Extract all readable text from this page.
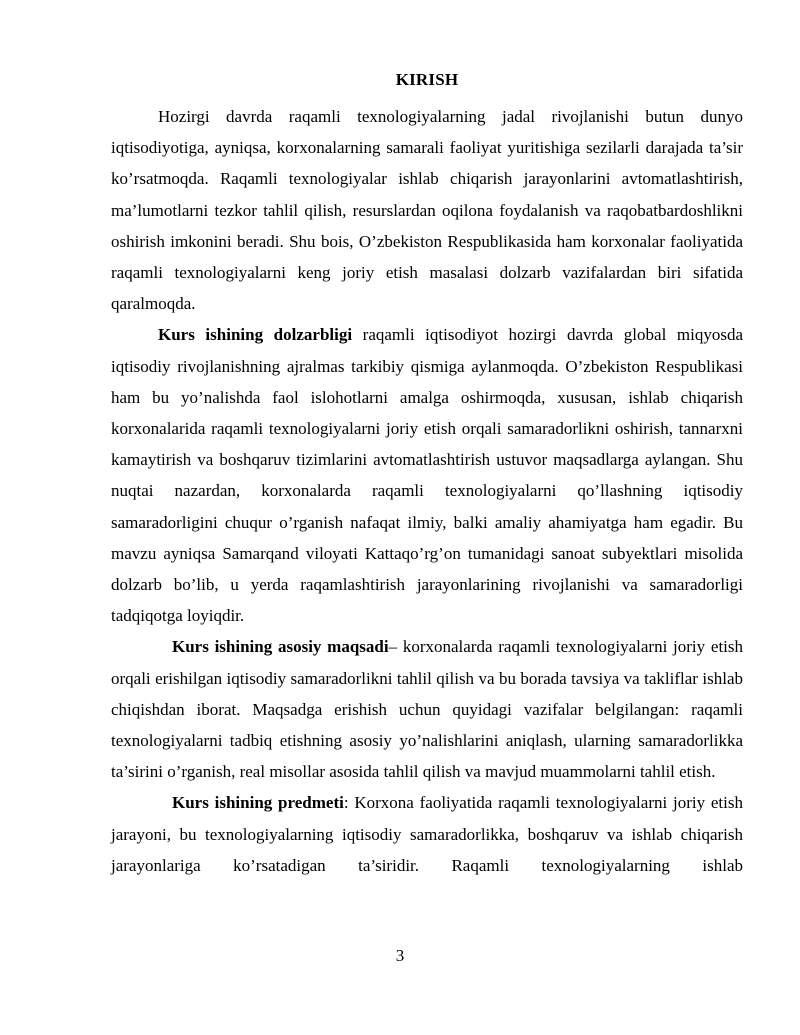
KIRISH

Hozirgi davrda raqamli texnologiyalarning jadal rivojlanishi butun dunyo iqtisodiyotiga, ayniqsa, korxonalarning samarali faoliyat yuritishiga sezilarli darajada ta’sir ko’rsatmoqda. Raqamli texnologiyalar ishlab chiqarish jarayonlarini avtomatlashtirish, ma’lumotlarni tezkor tahlil qilish, resurslardan oqilona foydalanish va raqobatbardoshlikni oshirish imkonini beradi. Shu bois, O’zbekiston Respublikasida ham korxonalar faoliyatida raqamli texnologiyalarni keng joriy etish masalasi dolzarb vazifalardan biri sifatida qaralmoqda.

Kurs ishining dolzarbligi raqamli iqtisodiyot hozirgi davrda global miqyosda iqtisodiy rivojlanishning ajralmas tarkibiy qismiga aylanmoqda. O’zbekiston Respublikasi ham bu yo’nalishda faol islohotlarni amalga oshirmoqda, xususan, ishlab chiqarish korxonalarida raqamli texnologiyalarni joriy etish orqali samaradorlikni oshirish, tannarxni kamaytirish va boshqaruv tizimlarini avtomatlashtirish ustuvor maqsadlarga aylangan. Shu nuqtai nazardan, korxonalarda raqamli texnologiyalarni qo’llashning iqtisodiy samaradorligini chuqur o’rganish nafaqat ilmiy, balki amaliy ahamiyatga ham egadir. Bu mavzu ayniqsa Samarqand viloyati Kattaqo’rg’on tumanidagi sanoat subyektlari misolida dolzarb bo’lib, u yerda raqamlashtirish jarayonlarining rivojlanishi va samaradorligi tadqiqotga loyiqdir.

Kurs ishining asosiy maqsadi– korxonalarda raqamli texnologiyalarni joriy etish orqali erishilgan iqtisodiy samaradorlikni tahlil qilish va bu borada tavsiya va takliflar ishlab chiqishdan iborat. Maqsadga erishish uchun quyidagi vazifalar belgilangan: raqamli texnologiyalarni tadbiq etishning asosiy yo’nalishlarini aniqlash, ularning samaradorlikka ta’sirini o’rganish, real misollar asosida tahlil qilish va mavjud muammolarni tahlil etish.

Kurs ishining predmeti: Korxona faoliyatida raqamli texnologiyalarni joriy etish jarayoni, bu texnologiyalarning iqtisodiy samaradorlikka, boshqaruv va ishlab chiqarish jarayonlariga ko’rsatadigan ta’siridir. Raqamli texnologiyalarning ishlab

3
